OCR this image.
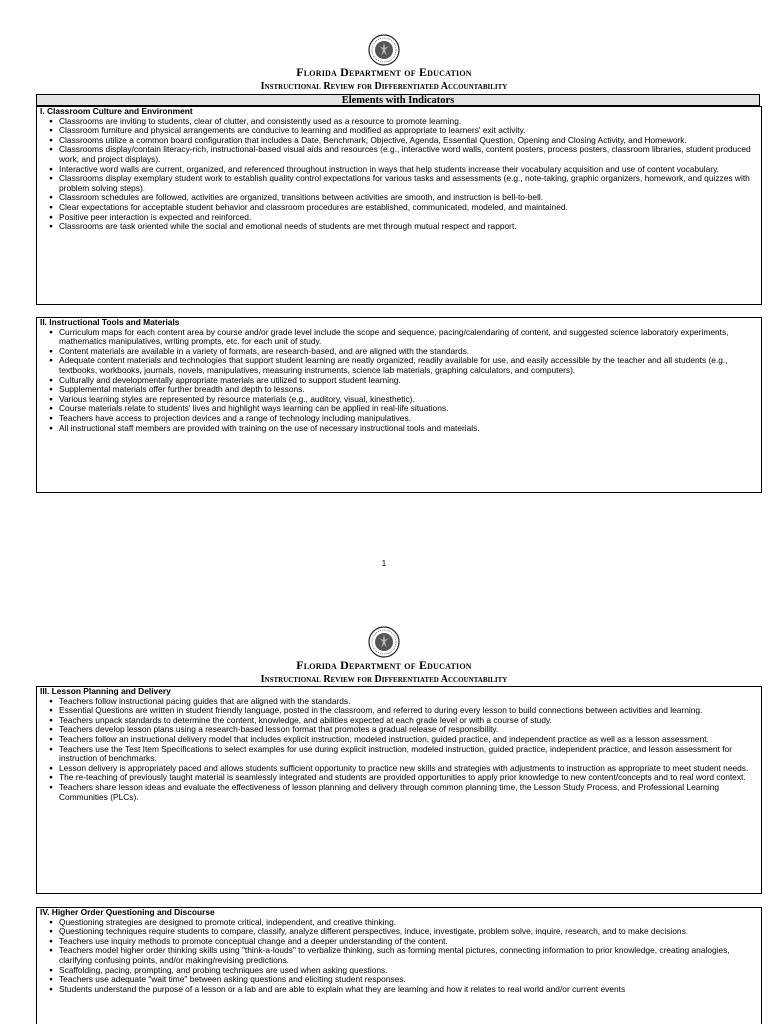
Florida Department of Education
Instructional Review for Differentiated Accountability
Elements with Indicators
I. Classroom Culture and Environment
● Classrooms are inviting to students, clear of clutter, and consistently used as a resource to promote learning.
● Classroom furniture and physical arrangements are conducive to learning and modified as appropriate to learners' exit activity.
● Classrooms utilize a common board configuration that includes a Date, Benchmark, Objective, Agenda, Essential Question, Opening and Closing Activity, and Homework.
● Classrooms display/contain literacy-rich, instructional-based visual aids and resources (e.g., interactive word walls, content posters, process posters, classroom libraries, student produced work, and project displays).
● Interactive word walls are current, organized, and referenced throughout instruction in ways that help students increase their vocabulary acquisition and use of content vocabulary.
● Classrooms display exemplary student work to establish quality control expectations for various tasks and assessments (e.g., note-taking, graphic organizers, homework, and quizzes with problem solving steps).
● Classroom schedules are followed, activities are organized, transitions between activities are smooth, and instruction is bell-to-bell.
● Clear expectations for acceptable student behavior and classroom procedures are established, communicated, modeled, and maintained.
● Positive peer interaction is expected and reinforced.
● Classrooms are task oriented while the social and emotional needs of students are met through mutual respect and rapport.
II. Instructional Tools and Materials
● Curriculum maps for each content area by course and/or grade level include the scope and sequence, pacing/calendaring of content, and suggested science laboratory experiments, mathematics manipulatives, writing prompts, etc. for each unit of study.
● Content materials are available in a variety of formats, are research-based, and are aligned with the standards.
● Adequate content materials and technologies that support student learning are neatly organized, readily available for use, and easily accessible by the teacher and all students (e.g., textbooks, workbooks, journals, novels, manipulatives, measuring instruments, science lab materials, graphing calculators, and computers).
● Culturally and developmentally appropriate materials are utilized to support student learning.
● Supplemental materials offer further breadth and depth to lessons.
● Various learning styles are represented by resource materials (e.g., auditory, visual, kinesthetic).
● Course materials relate to students' lives and highlight ways learning can be applied in real-life situations.
● Teachers have access to projection devices and a range of technology including manipulatives.
● All instructional staff members are provided with training on the use of necessary instructional tools and materials.
1
Florida Department of Education
Instructional Review for Differentiated Accountability
III. Lesson Planning and Delivery
● Teachers follow instructional pacing guides that are aligned with the standards.
● Essential Questions are written in student friendly language, posted in the classroom, and referred to during every lesson to build connections between activities and learning.
● Teachers unpack standards to determine the content, knowledge, and abilities expected at each grade level or with a course of study.
● Teachers develop lesson plans using a research-based lesson format that promotes a gradual release of responsibility.
● Teachers follow an instructional delivery model that includes explicit instruction, modeled instruction, guided practice, and independent practice as well as a lesson assessment.
● Teachers use the Test Item Specifications to select examples for use during explicit instruction, modeled instruction, guided practice, independent practice, and lesson assessment for instruction of benchmarks.
● Lesson delivery is appropriately paced and allows students sufficient opportunity to practice new skills and strategies with adjustments to instruction as appropriate to meet student needs.
● The re-teaching of previously taught material is seamlessly integrated and students are provided opportunities to apply prior knowledge to new content/concepts and to real word context.
● Teachers share lesson ideas and evaluate the effectiveness of lesson planning and delivery through common planning time, the Lesson Study Process, and Professional Learning Communities (PLCs).
IV. Higher Order Questioning and Discourse
● Questioning strategies are designed to promote critical, independent, and creative thinking.
● Questioning techniques require students to compare, classify, analyze different perspectives, induce, investigate, problem solve, inquire, research, and to make decisions.
● Teachers use inquiry methods to promote conceptual change and a deeper understanding of the content.
● Teachers model higher order thinking skills using "think-a-louds" to verbalize thinking, such as forming mental pictures, connecting information to prior knowledge, creating analogies, clarifying confusing points, and/or making/revising predictions.
● Scaffolding, pacing, prompting, and probing techniques are used when asking questions.
● Teachers use adequate "wait time" between asking questions and eliciting student responses.
● Students understand the purpose of a lesson or a lab and are able to explain what they are learning and how it relates to real world and/or current events
